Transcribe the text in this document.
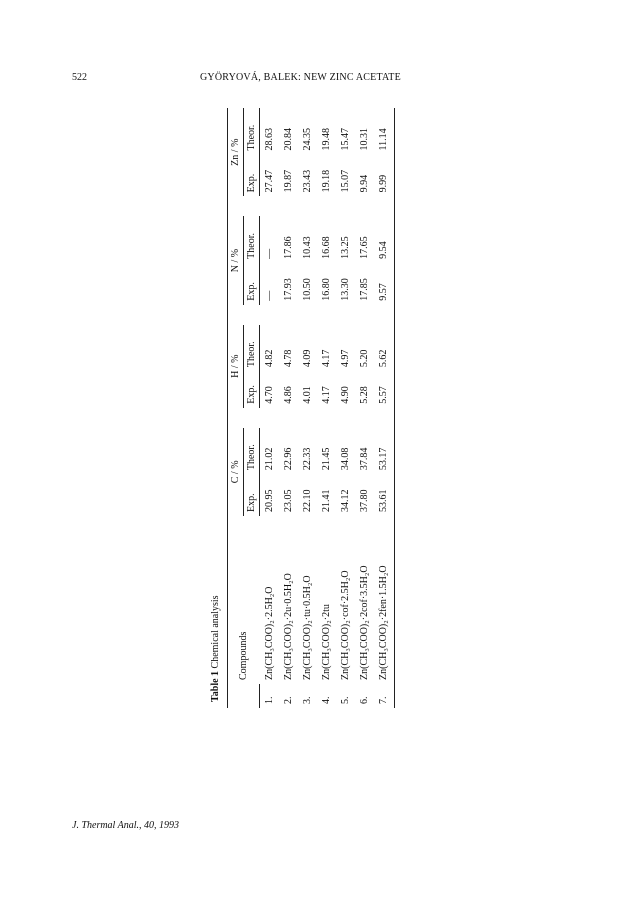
522	GYÖRYOVÁ, BALEK: NEW ZINC ACETATE
Table 1 Chemical analysis
	Compounds	C / %			H / %			N / %			Zn / %	
		Exp.	Theor.		Exp.	Theor.		Exp.	Theor.		Exp.	Theor.
1.	Zn(CH₃COO)₂·2.5H₂O	20.95	21.02		4.70	4.82		—	—		27.47	28.63
2.	Zn(CH₃COO)₂·2u·0.5H₂O	23.05	22.96		4.86	4.78		17.93	17.86		19.87	20.84
3.	Zn(CH₃COO)₂·tu·0.5H₂O	22.10	22.33		4.01	4.09		10.50	10.43		23.43	24.35
4.	Zn(CH₃COO)₂·2tu	21.41	21.45		4.17	4.17		16.80	16.68		19.18	19.48
5.	Zn(CH₃COO)₂·cof·2.5H₂O	34.12	34.08		4.90	4.97		13.30	13.25		15.07	15.47
6.	Zn(CH₃COO)₂·2cof·3.5H₂O	37.80	37.84		5.28	5.20		17.85	17.65		9.94	10.31
7.	Zn(CH₃COO)₂·2fen·1.5H₂O	53.61	53.17		5.57	5.62		9.57	9.54		9.99	11.14
J. Thermal Anal., 40, 1993
